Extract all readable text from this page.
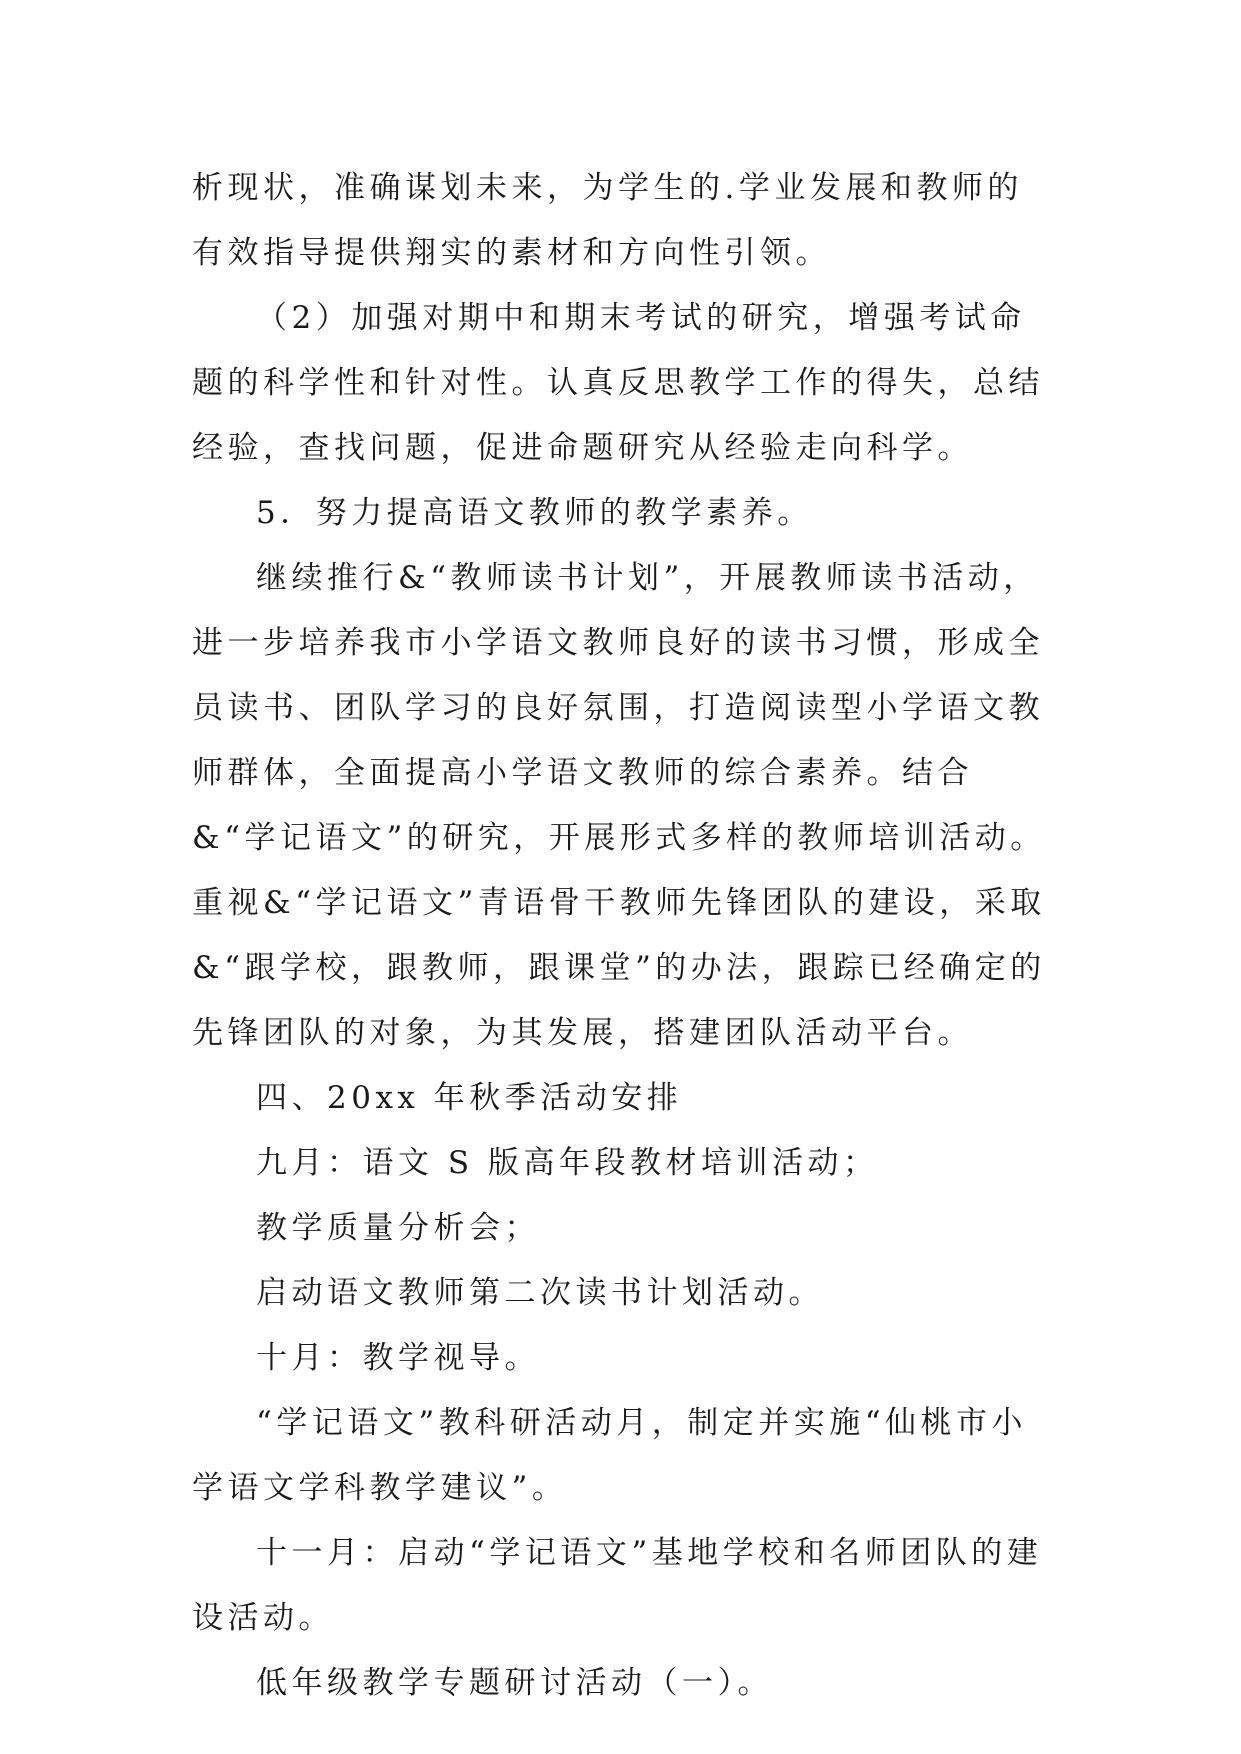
析现状，准确谋划未来，为学生的.学业发展和教师的有效指导提供翔实的素材和方向性引领。

（2）加强对期中和期末考试的研究，增强考试命题的科学性和针对性。认真反思教学工作的得失，总结经验，查找问题，促进命题研究从经验走向科学。

5．努力提高语文教师的教学素养。

继续推行&“教师读书计划”，开展教师读书活动，进一步培养我市小学语文教师良好的读书习惯，形成全员读书、团队学习的良好氛围，打造阅读型小学语文教师群体，全面提高小学语文教师的综合素养。结合&“学记语文”的研究，开展形式多样的教师培训活动。重视&“学记语文”青语骨干教师先锋团队的建设，采取&“跟学校，跟教师，跟课堂”的办法，跟踪已经确定的先锋团队的对象，为其发展，搭建团队活动平台。

四、20xx 年秋季活动安排

九月：语文 S 版高年段教材培训活动；

教学质量分析会；

启动语文教师第二次读书计划活动。

十月：教学视导。

“学记语文”教科研活动月，制定并实施“仙桃市小学语文学科教学建议”。

十一月：启动“学记语文”基地学校和名师团队的建设活动。

低年级教学专题研讨活动（一）。
